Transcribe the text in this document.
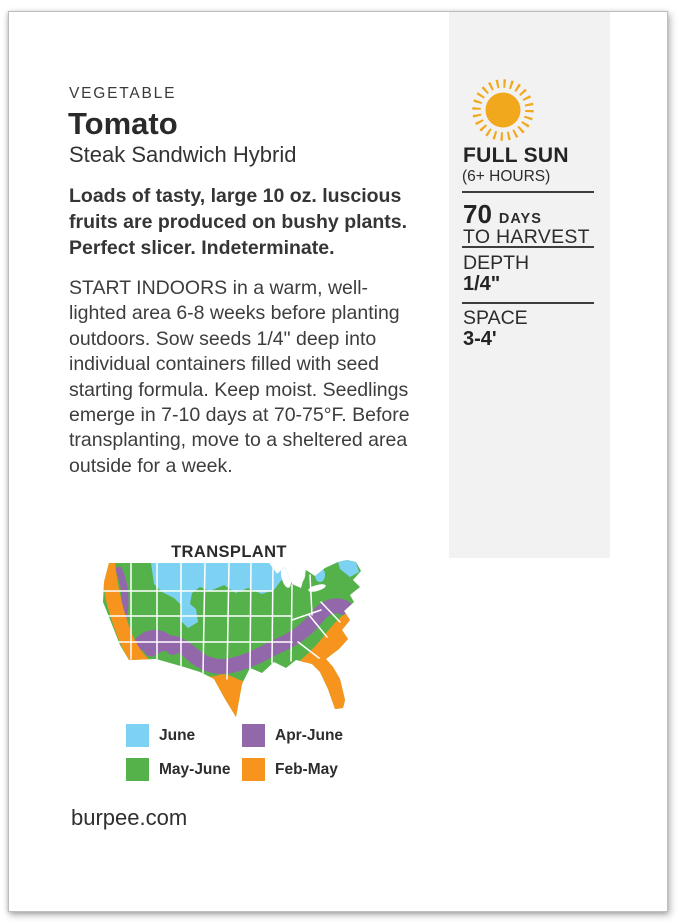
VEGETABLE
Tomato
Steak Sandwich Hybrid
Loads of tasty, large 10 oz. luscious fruits are produced on bushy plants. Perfect slicer. Indeterminate.
START INDOORS in a warm, well-lighted area 6-8 weeks before planting outdoors. Sow seeds 1/4" deep into individual containers filled with seed starting formula. Keep moist. Seedlings emerge in 7-10 days at 70-75°F. Before transplanting, move to a sheltered area outside for a week.
TRANSPLANT
June	Apr-June
May-June	Feb-May
burpee.com
FULL SUN
(6+ HOURS)
70 DAYS
TO HARVEST
DEPTH
1/4"
SPACE
3-4'
